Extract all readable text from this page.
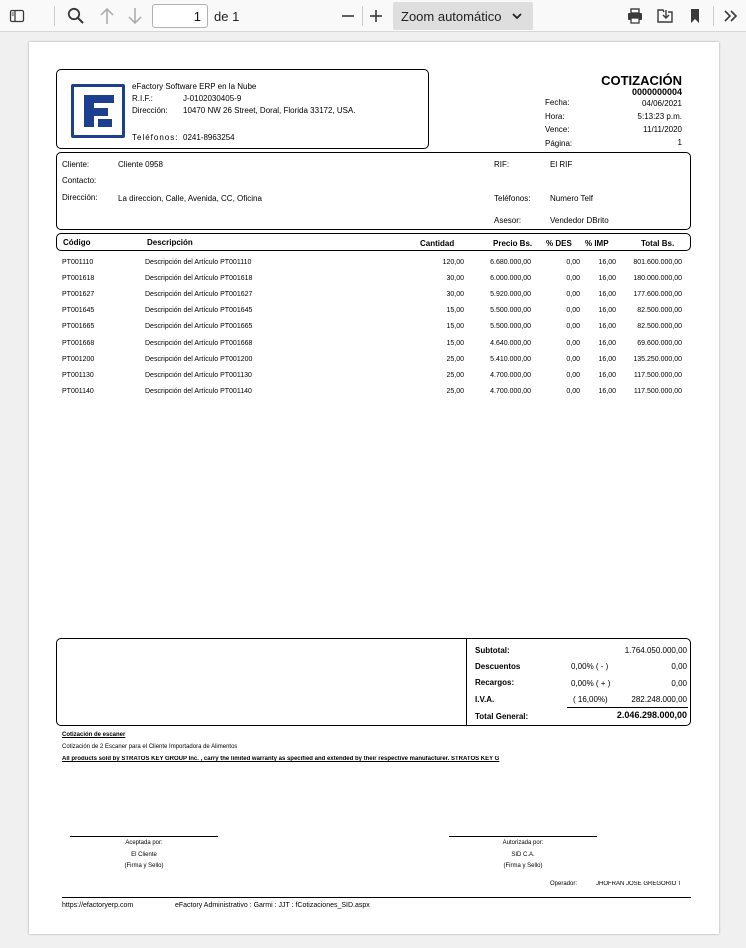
1
de 1	Zoom automático
eFactory Software ERP en la Nube
R.I.F.:	J-0102030405-9
Dirección: 10470 NW 26 Street, Doral, Florida 33172, USA.
Teléfonos: 0241-8963254
COTIZACIÓN
0000000004
Fecha:	04/06/2021
Hora:	5:13:23 p.m.
Vence:	11/11/2020
Página:	1
Cliente:	Cliente 0958
Contacto:
Dirección:	La direccion, Calle, Avenida, CC, Oficina
RIF:	El RIF
Teléfonos: Numero Telf
Asesor:	Vendedor DBrito
Código	Descripción	Cantidad	Precio Bs. % DES % IMP	Total Bs.
PT001110	Descripción del Artículo PT001110	120,00	6.680.000,00	0,00	16,00	801.600.000,00
PT001618	Descripción del Artículo PT001618	30,00	6.000.000,00	0,00	16,00	180.000.000,00
PT001627	Descripción del Artículo PT001627	30,00	5.920.000,00	0,00	16,00	177.600.000,00
PT001645	Descripción del Artículo PT001645	15,00	5.500.000,00	0,00	16,00	82.500.000,00
PT001665	Descripción del Artículo PT001665	15,00	5.500.000,00	0,00	16,00	82.500.000,00
PT001668	Descripción del Artículo PT001668	15,00	4.640.000,00	0,00	16,00	69.600.000,00
PT001200	Descripción del Artículo PT001200	25,00	5.410.000,00	0,00	16,00	135.250.000,00
PT001130	Descripción del Artículo PT001130	25,00	4.700.000,00	0,00	16,00	117.500.000,00
PT001140	Descripción del Artículo PT001140	25,00	4.700.000,00	0,00	16,00	117.500.000,00
Subtotal:	1.764.050.000,00
Descuentos	0,00% ( - )	0,00
Recargos:	0,00% ( + )	0,00
I.V.A.	( 16,00%)	282.248.000,00
Total General:	2.046.298.000,00
Cotización de escaner
Cotización de 2 Escaner para el Cliente Importadora de Alimentos
All products sold by STRATOS KEY GROUP Inc. , carry the limited warranty as specified and extended by their respective manufacturer. STRATOS KEY G
Aceptada por:
El Cliente
(Firma y Sello)
Autorizada por:
SID C.A.
(Firma y Sello)
Operador:	JHOFRAN JOSE GREGORIO T
https://efactoryerp.com	eFactory Administrativo : Garmi : JJT : fCotizaciones_SID.aspx
